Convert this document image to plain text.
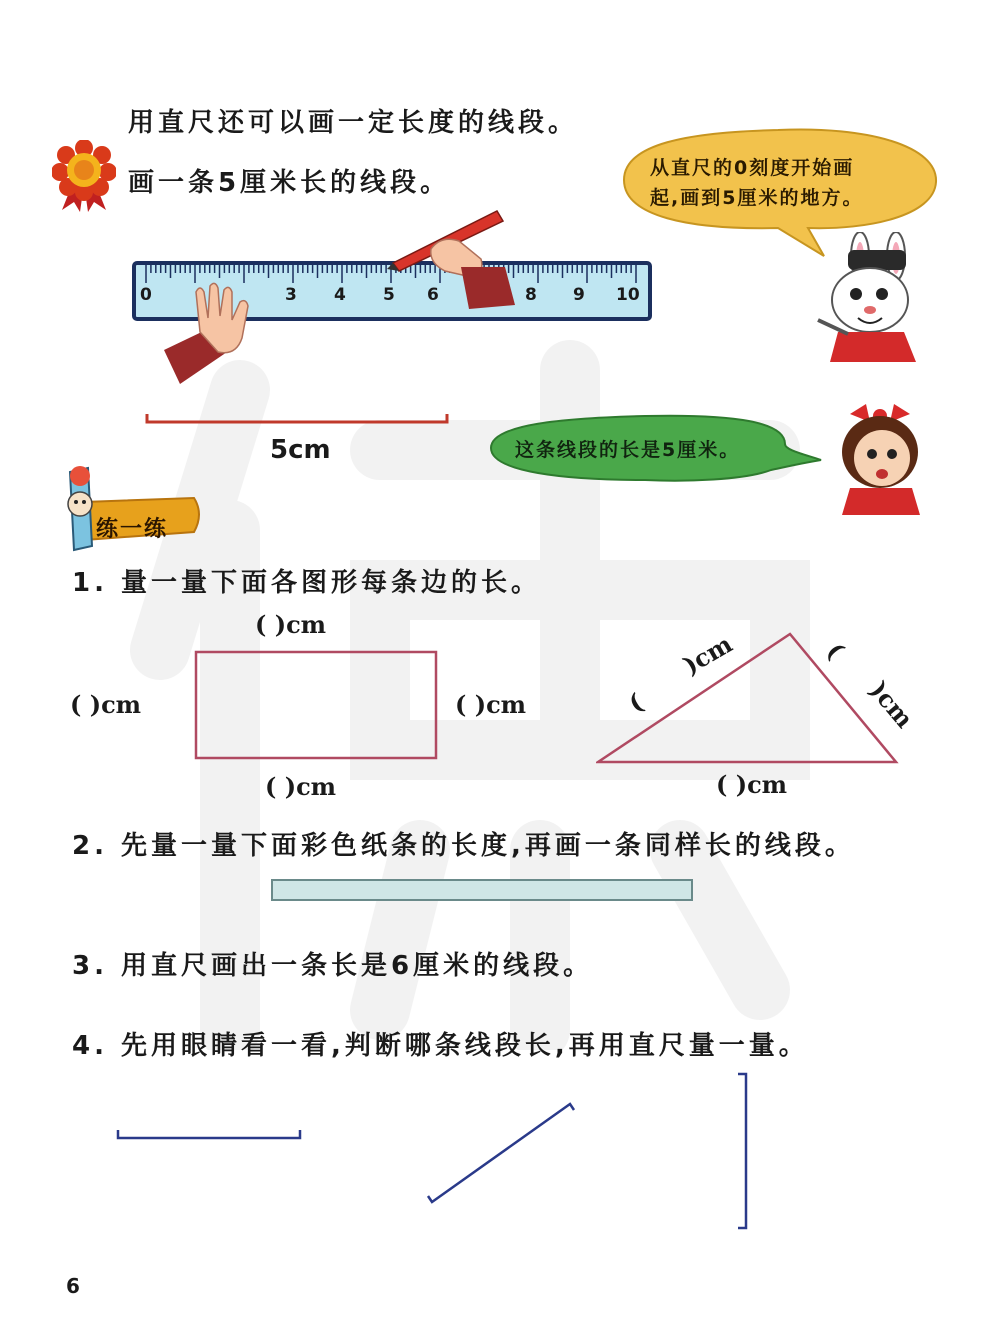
用直尺还可以画一定长度的线段。
画一条5厘米长的线段。
0	3 4 5 6	8 9 10
从直尺的0刻度开始画
起,画到5厘米的地方。
5cm	这条线段的长是5厘米。
练一练
1. 量一量下面各图形每条边的长。
( )cm
( )cm	( )cm
( )cm
(
)cm	(
)cm
( )cm
2. 先量一量下面彩色纸条的长度,再画一条同样长的线段。
3. 用直尺画出一条长是6厘米的线段。
4. 先用眼睛看一看,判断哪条线段长,再用直尺量一量。
6
